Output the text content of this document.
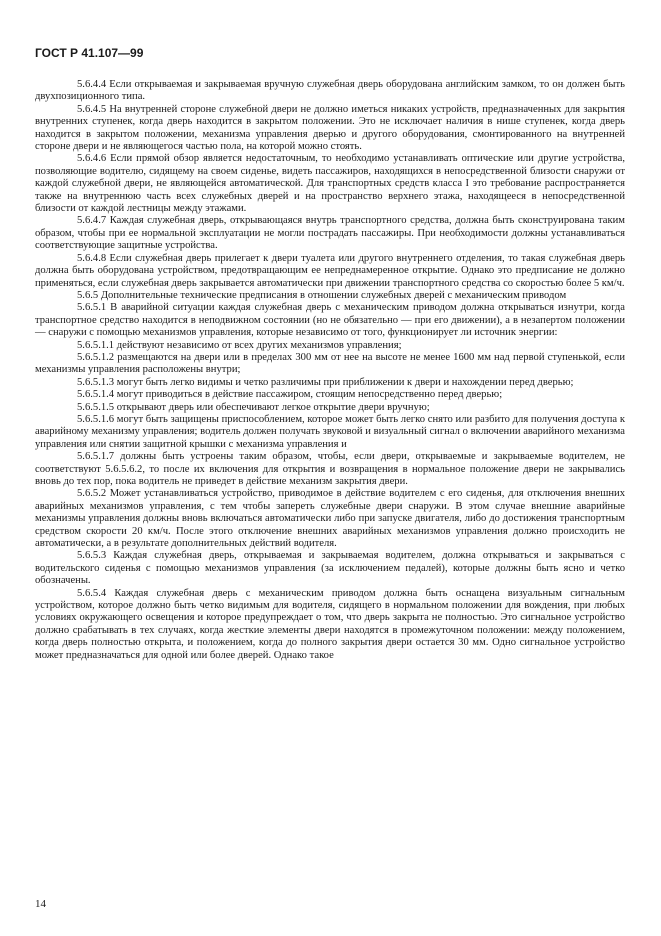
ГОСТ Р 41.107—99

5.6.4.4 Если открываемая и закрываемая вручную служебная дверь оборудована английским замком, то он должен быть двухпозиционного типа.

5.6.4.5 На внутренней стороне служебной двери не должно иметься никаких устройств, предназначенных для закрытия внутренних ступенек, когда дверь находится в закрытом положении. Это не исключает наличия в нише ступенек, когда дверь находится в закрытом положении, механизма управления дверью и другого оборудования, смонтированного на внутренней стороне двери и не являющегося частью пола, на которой можно стоять.

5.6.4.6 Если прямой обзор является недостаточным, то необходимо устанавливать оптические или другие устройства, позволяющие водителю, сидящему на своем сиденье, видеть пассажиров, находящихся в непосредственной близости снаружи от каждой служебной двери, не являющейся автоматической. Для транспортных средств класса I это требование распространяется также на внутреннюю часть всех служебных дверей и на пространство верхнего этажа, находящееся в непосредственной близости от каждой лестницы между этажами.

5.6.4.7 Каждая служебная дверь, открывающаяся внутрь транспортного средства, должна быть сконструирована таким образом, чтобы при ее нормальной эксплуатации не могли пострадать пассажиры. При необходимости должны устанавливаться соответствующие защитные устройства.

5.6.4.8 Если служебная дверь прилегает к двери туалета или другого внутреннего отделения, то такая служебная дверь должна быть оборудована устройством, предотвращающим ее непреднамеренное открытие. Однако это предписание не должно применяться, если служебная дверь закрывается автоматически при движении транспортного средства со скоростью более 5 км/ч.

5.6.5 Дополнительные технические предписания в отношении служебных дверей с механическим приводом

5.6.5.1 В аварийной ситуации каждая служебная дверь с механическим приводом должна открываться изнутри, когда транспортное средство находится в неподвижном состоянии (но не обязательно — при его движении), а в незапертом положении — снаружи с помощью механизмов управления, которые независимо от того, функционирует ли источник энергии:

5.6.5.1.1 действуют независимо от всех других механизмов управления;

5.6.5.1.2 размещаются на двери или в пределах 300 мм от нее на высоте не менее 1600 мм над первой ступенькой, если механизмы управления расположены внутри;

5.6.5.1.3 могут быть легко видимы и четко различимы при приближении к двери и нахождении перед дверью;

5.6.5.1.4 могут приводиться в действие пассажиром, стоящим непосредственно перед дверью;

5.6.5.1.5 открывают дверь или обеспечивают легкое открытие двери вручную;

5.6.5.1.6 могут быть защищены приспособлением, которое может быть легко снято или разбито для получения доступа к аварийному механизму управления; водитель должен получать звуковой и визуальный сигнал о включении аварийного механизма управления или снятии защитной крышки с механизма управления и

5.6.5.1.7 должны быть устроены таким образом, чтобы, если двери, открываемые и закрываемые водителем, не соответствуют 5.6.5.6.2, то после их включения для открытия и возвращения в нормальное положение двери не закрывались вновь до тех пор, пока водитель не приведет в действие механизм закрытия двери.

5.6.5.2 Может устанавливаться устройство, приводимое в действие водителем с его сиденья, для отключения внешних аварийных механизмов управления, с тем чтобы запереть служебные двери снаружи. В этом случае внешние аварийные механизмы управления должны вновь включаться автоматически либо при запуске двигателя, либо до достижения транспортным средством скорости 20 км/ч. После этого отключение внешних аварийных механизмов управления должно происходить не автоматически, а в результате дополнительных действий водителя.

5.6.5.3 Каждая служебная дверь, открываемая и закрываемая водителем, должна открываться и закрываться с водительского сиденья с помощью механизмов управления (за исключением педалей), которые должны быть ясно и четко обозначены.

5.6.5.4 Каждая служебная дверь с механическим приводом должна быть оснащена визуальным сигнальным устройством, которое должно быть четко видимым для водителя, сидящего в нормальном положении для вождения, при любых условиях окружающего освещения и которое предупреждает о том, что дверь закрыта не полностью. Это сигнальное устройство должно срабатывать в тех случаях, когда жесткие элементы двери находятся в промежуточном положении: между положением, когда дверь полностью открыта, и положением, когда до полного закрытия двери остается 30 мм. Одно сигнальное устройство может предназначаться для одной или более дверей. Однако такое

14
